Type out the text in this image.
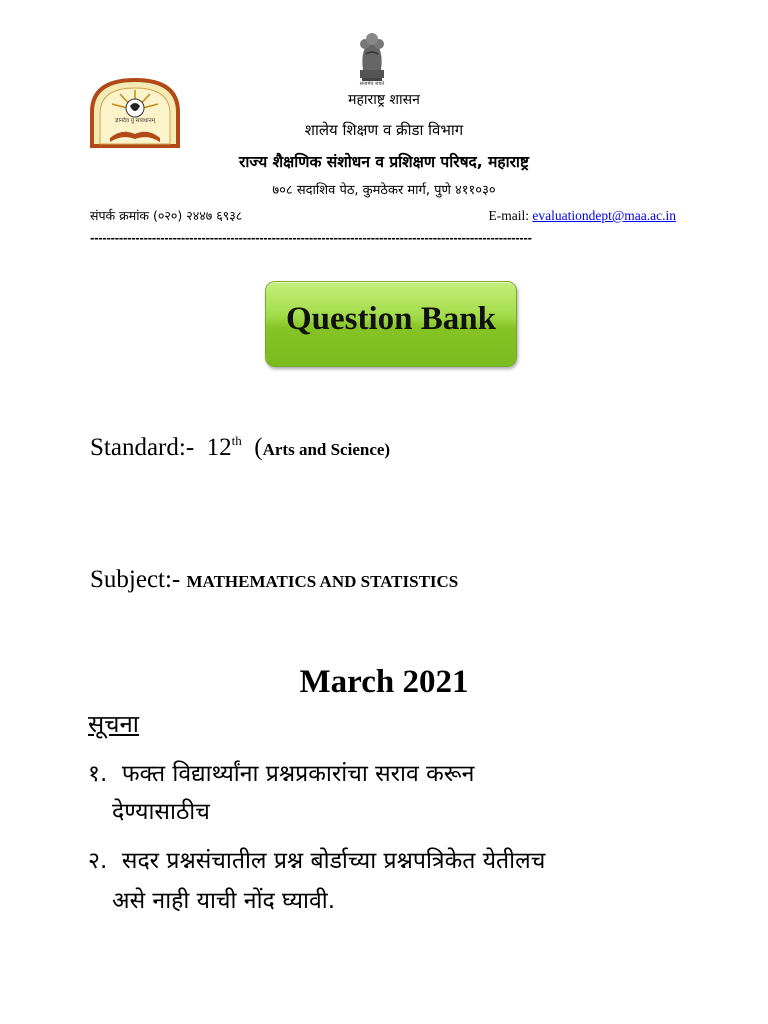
सत्यमेव जयते
ज्ञानदेव यु सावधानम्
महाराष्ट्र शासन
शालेय शिक्षण व क्रीडा विभाग
राज्य शैक्षणिक संशोधन व प्रशिक्षण परिषद, महाराष्ट्र
७०८ सदाशिव पेठ, कुमठेकर मार्ग, पुणे ४११०३०
संपर्क क्रमांक (०२०) २४४७ ६९३८	E-mail: evaluationdept@maa.ac.in
-----------------------------------------------------------------------------------------------------------
Question Bank
Standard:- 12th  (Arts and Science)
Subject:- MATHEMATICS AND STATISTICS
March 2021
सूचना
१. फक्त विद्यार्थ्यांना प्रश्नप्रकारांचा सराव करून
देण्यासाठीच
२. सदर प्रश्नसंचातील प्रश्न बोर्डाच्या प्रश्नपत्रिकेत येतीलच
असे नाही याची नोंद घ्यावी.
